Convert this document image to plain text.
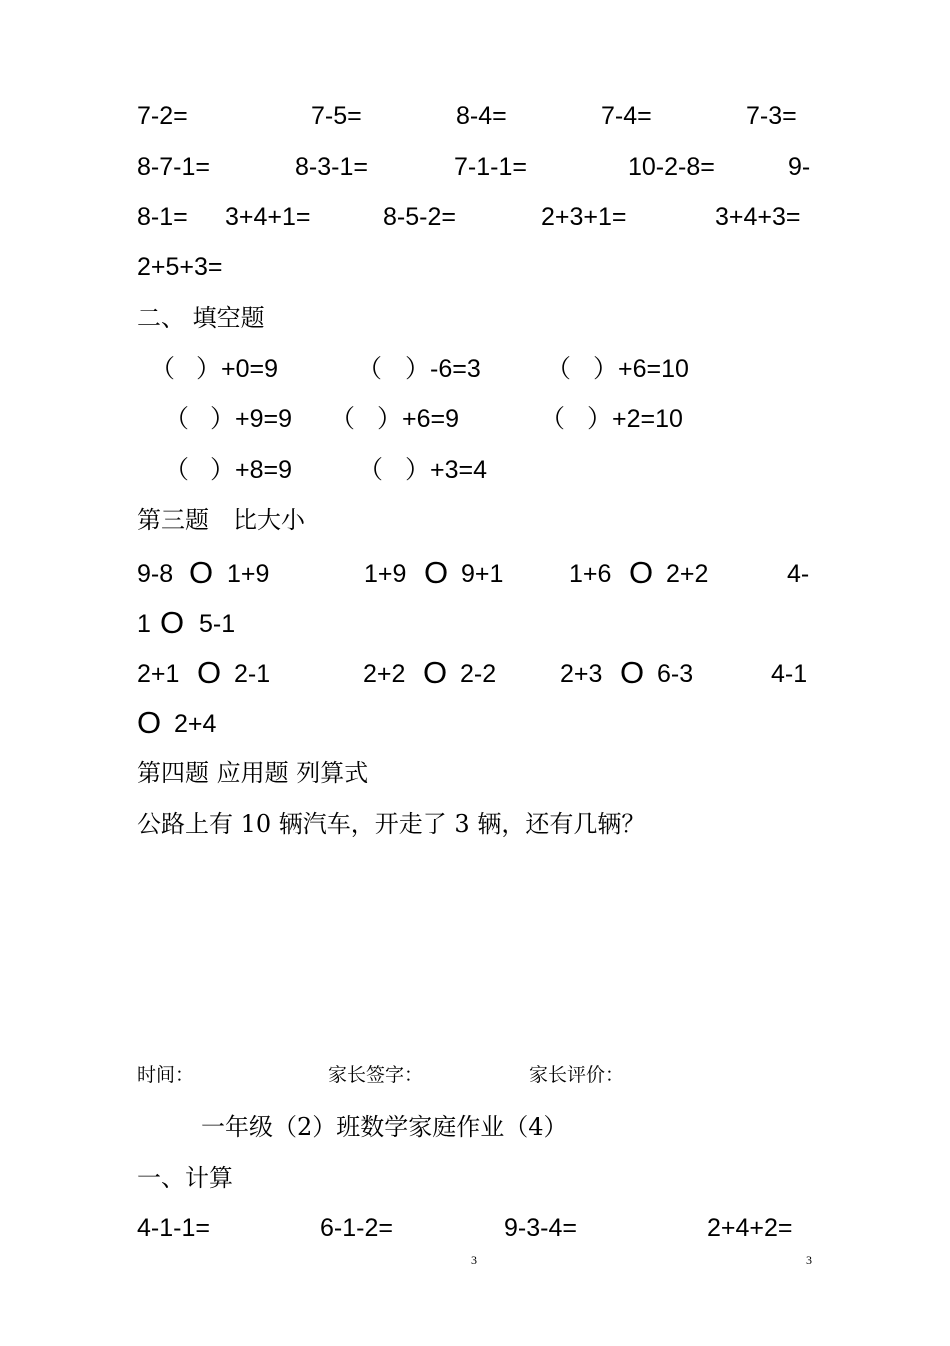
7-2=	7-5=	8-4=	7-4=	7-3=
8-7-1=	8-3-1=	7-1-1=	10-2-8=	9-
8-1= 3+4+1=	8-5-2=	2+3+1=	3+4+3=
2+5+3=
二、 填空题
（ ）+0=9	（ ）-6=3	（ ）+6=10
（ ）+9=9 （ ）+6=9	（ ）+2=10
（ ）+8=9	（ ）+3=4
第三题　比大小
9-8 O 1+9	1+9 O 9+1	1+6 O 2+2	4-
1 O 5-1
2+1 O 2-1	2+2 O 2-2	2+3 O 6-3	4-1
O 2+4
第四题 应用题 列算式
公路上有 10 辆汽车，开走了 3 辆，还有几辆？
时间：	家长签字：	家长评价：
一年级（2）班数学家庭作业（4）
一、计算
4-1-1=	6-1-2=	9-3-4=	2+4+2=
3	3
